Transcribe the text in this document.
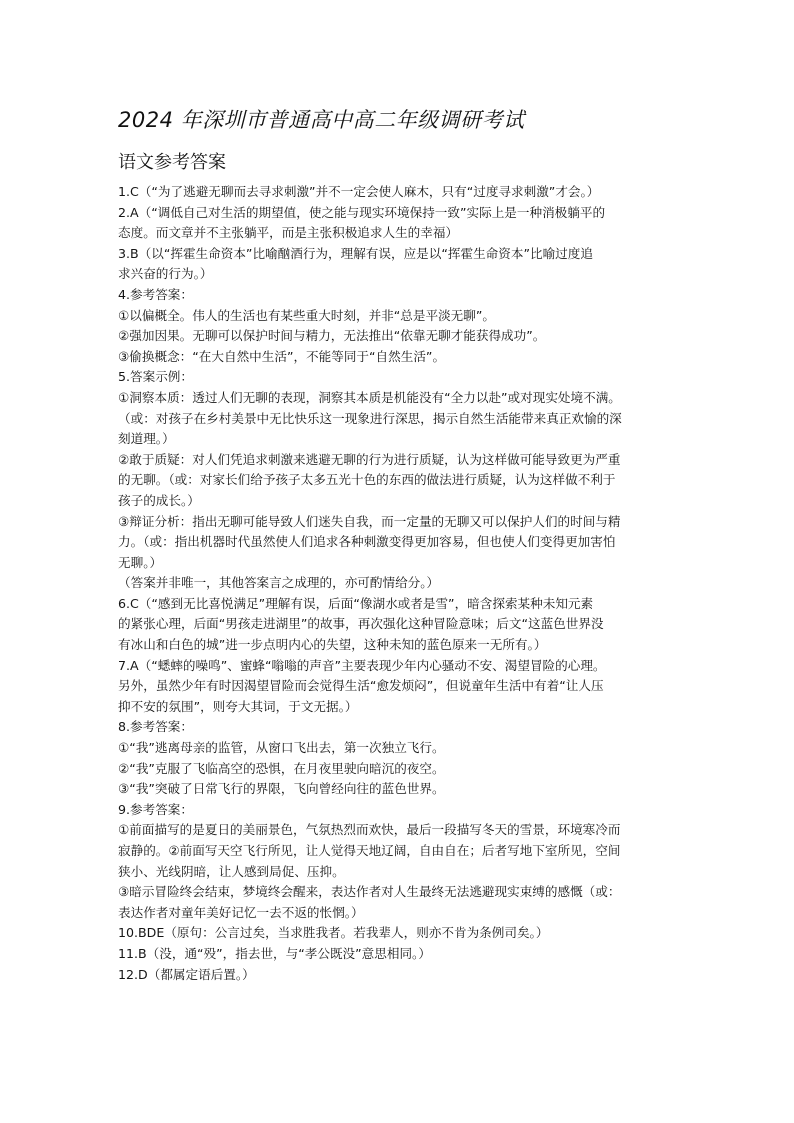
2024 年深圳市普通高中高二年级调研考试
语文参考答案
1.C（“为了逃避无聊而去寻求刺激”并不一定会使人麻木，只有“过度寻求刺激”才会。）
2.A（“调低自己对生活的期望值，使之能与现实环境保持一致”实际上是一种消极躺平的
态度。而文章并不主张躺平，而是主张积极追求人生的幸福）
3.B（以“挥霍生命资本”比喻酗酒行为，理解有误，应是以“挥霍生命资本”比喻过度追
求兴奋的行为。）
4.参考答案：
①以偏概全。伟人的生活也有某些重大时刻，并非“总是平淡无聊”。
②强加因果。无聊可以保护时间与精力，无法推出“依靠无聊才能获得成功”。
③偷换概念：“在大自然中生活”，不能等同于“自然生活”。
5.答案示例：
①洞察本质：透过人们无聊的表现，洞察其本质是机能没有“全力以赴”或对现实处境不满。
（或：对孩子在乡村美景中无比快乐这一现象进行深思，揭示自然生活能带来真正欢愉的深
刻道理。）
②敢于质疑：对人们凭追求刺激来逃避无聊的行为进行质疑，认为这样做可能导致更为严重
的无聊。（或：对家长们给予孩子太多五光十色的东西的做法进行质疑，认为这样做不利于
孩子的成长。）
③辩证分析：指出无聊可能导致人们迷失自我，而一定量的无聊又可以保护人们的时间与精
力。（或：指出机器时代虽然使人们追求各种刺激变得更加容易，但也使人们变得更加害怕
无聊。）
（答案并非唯一，其他答案言之成理的，亦可酌情给分。）
6.C（“感到无比喜悦满足”理解有误，后面“像湖水或者是雪”，暗含探索某种未知元素
的紧张心理，后面“男孩走进湖里”的故事，再次强化这种冒险意味；后文“这蓝色世界没
有冰山和白色的城”进一步点明内心的失望，这种未知的蓝色原来一无所有。）
7.A（“蟋蟀的噪鸣”、蜜蜂“嗡嗡的声音”主要表现少年内心骚动不安、渴望冒险的心理。
另外，虽然少年有时因渴望冒险而会觉得生活“愈发烦闷”，但说童年生活中有着“让人压
抑不安的氛围”，则夸大其词，于文无据。）
8.参考答案：
①“我”逃离母亲的监管，从窗口飞出去，第一次独立飞行。
②“我”克服了飞临高空的恐惧，在月夜里驶向暗沉的夜空。
③“我”突破了日常飞行的界限，飞向曾经向往的蓝色世界。
9.参考答案：
①前面描写的是夏日的美丽景色，气氛热烈而欢快，最后一段描写冬天的雪景，环境寒冷而
寂静的。②前面写天空飞行所见，让人觉得天地辽阔，自由自在；后者写地下室所见，空间
狭小、光线阴暗，让人感到局促、压抑。
③暗示冒险终会结束，梦境终会醒来，表达作者对人生最终无法逃避现实束缚的感慨（或：
表达作者对童年美好记忆一去不返的怅惘。）
10.BDE（原句：公言过矣，当求胜我者。若我辈人，则亦不肯为条例司矣。）
11.B（没，通“殁”，指去世，与“孝公既没”意思相同。）
12.D（都属定语后置。）
